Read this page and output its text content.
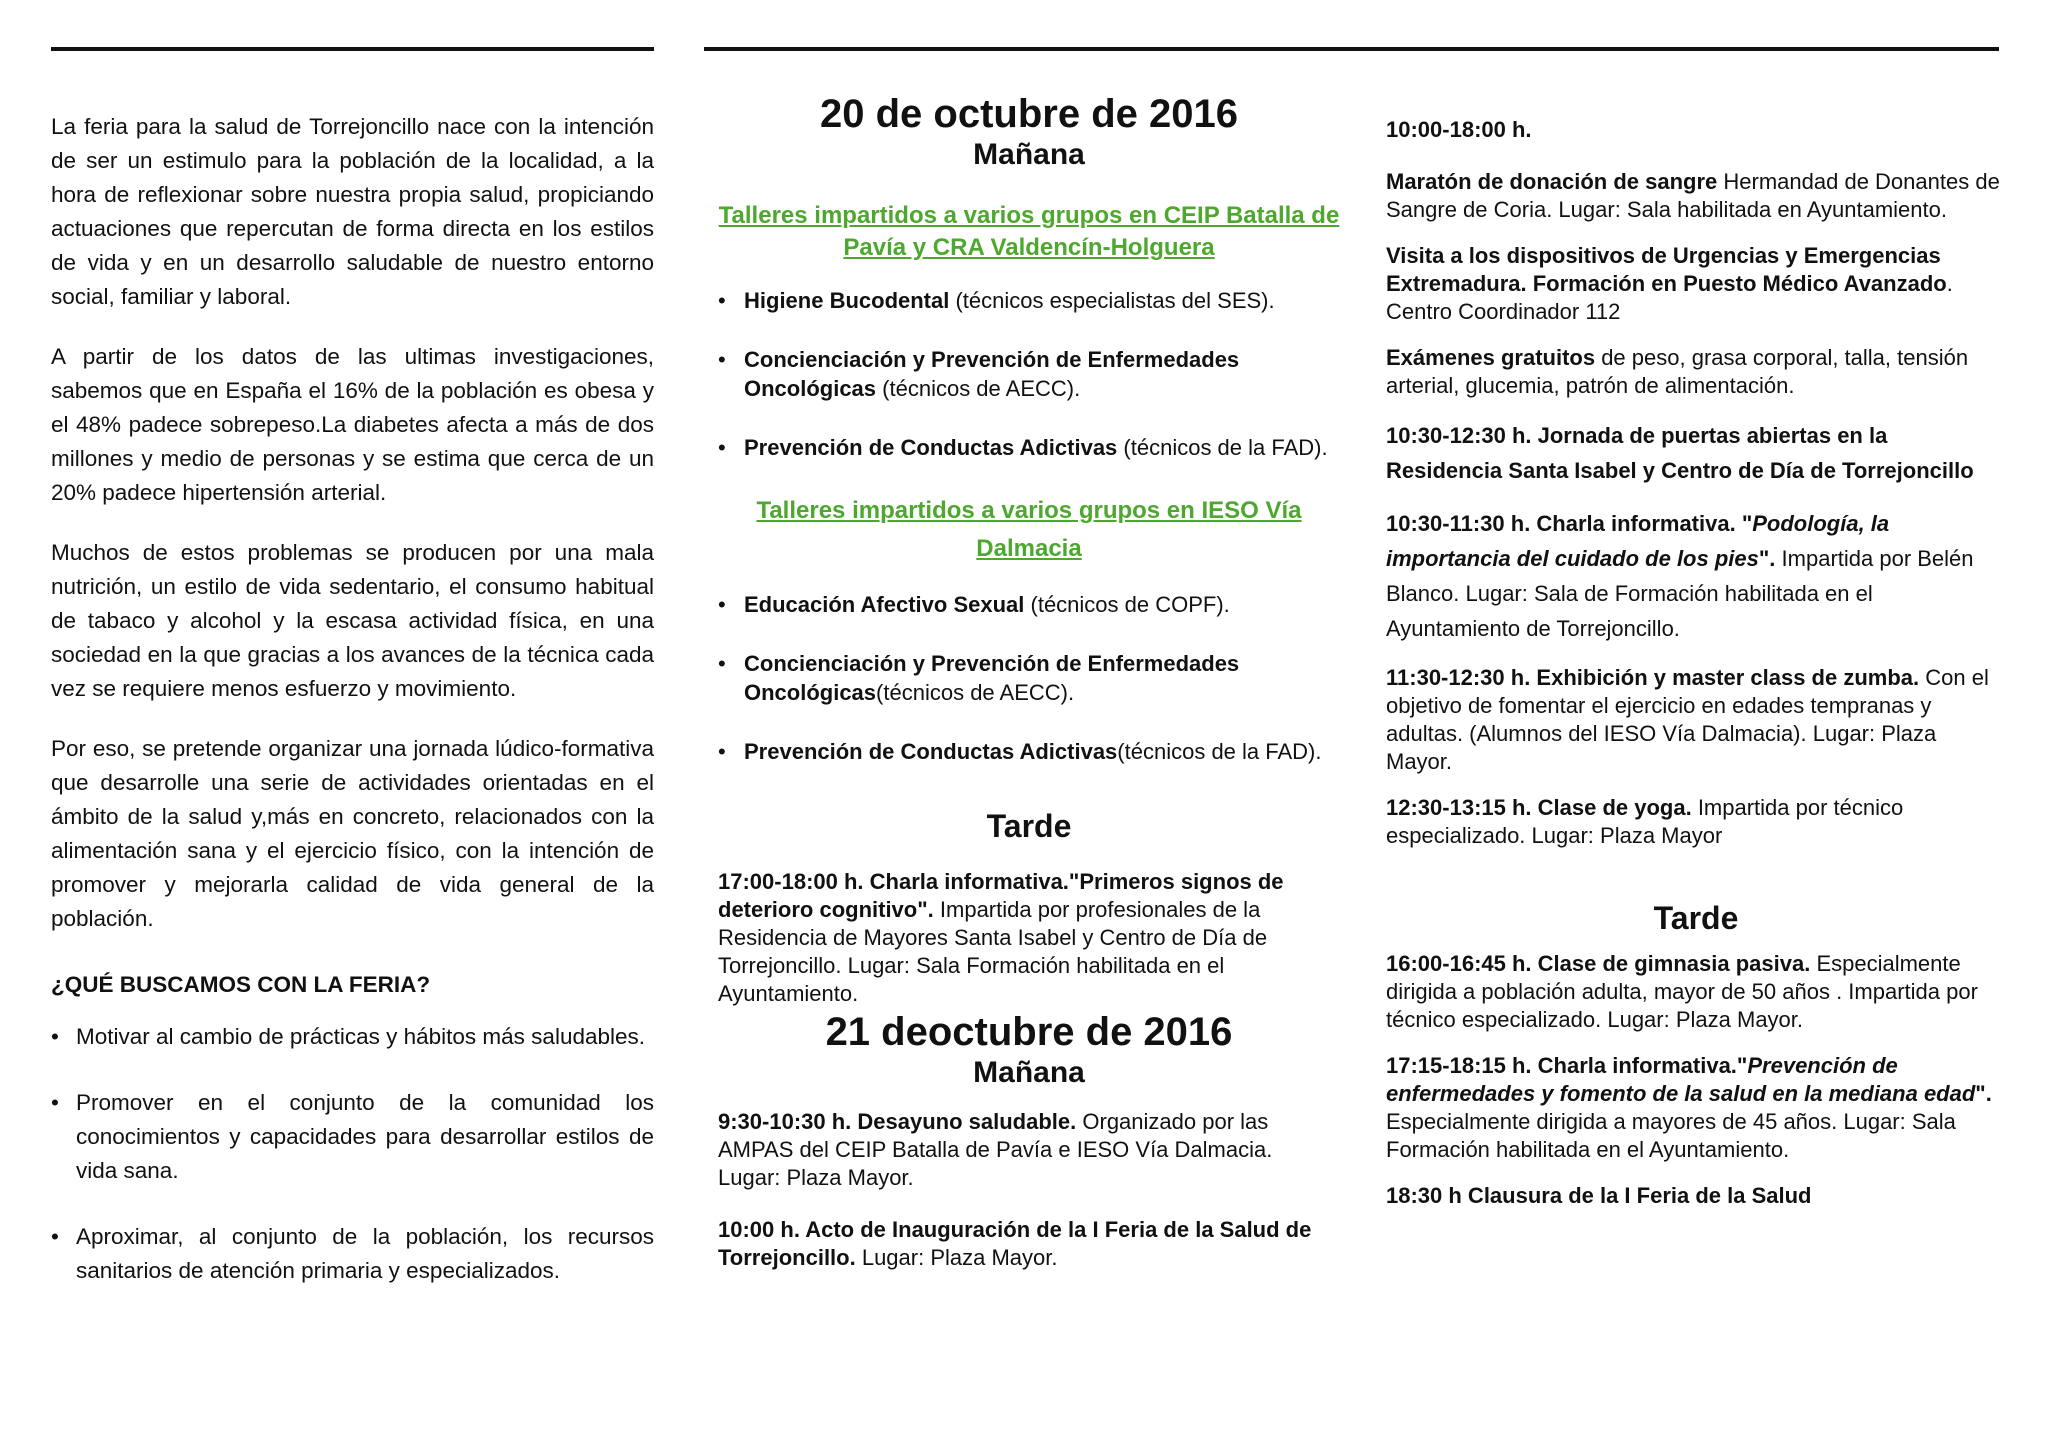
La feria para la salud de Torrejoncillo nace con la intención de ser un estimulo para la población de la localidad, a la hora de reflexionar sobre nuestra propia salud, propiciando actuaciones que repercutan de forma directa en los estilos de vida y en un desarrollo saludable de nuestro entorno social, familiar y laboral.

A partir de los datos de las ultimas investigaciones, sabemos que en España el 16% de la población es obesa y el 48% padece sobrepeso.La diabetes afecta a más de dos millones y medio de personas y se estima que cerca de un 20% padece hipertensión arterial.

Muchos de estos problemas se producen por una mala nutrición, un estilo de vida sedentario, el consumo habitual de tabaco y alcohol y la escasa actividad física, en una sociedad en la que gracias a los avances de la técnica cada vez se requiere menos esfuerzo y movimiento.

Por eso, se pretende organizar una jornada lúdico-formativa que desarrolle una serie de actividades orientadas en el ámbito de la salud y,más en concreto, relacionados con la alimentación sana y el ejercicio físico, con la intención de promover y mejorarla calidad de vida general de la población.

¿QUÉ BUSCAMOS CON LA FERIA?
• Motivar al cambio de prácticas y hábitos más saludables.
• Promover en el conjunto de la comunidad los conocimientos y capacidades para desarrollar estilos de vida sana.
• Aproximar, al conjunto de la población, los recursos sanitarios de atención primaria y especializados.
20 de octubre de 2016
Mañana
Talleres impartidos a varios grupos en CEIP Batalla de Pavía y CRA Valdencín-Holguera
• Higiene Bucodental (técnicos especialistas del SES).
• Concienciación y Prevención de Enfermedades Oncológicas (técnicos de AECC).
• Prevención de Conductas Adictivas (técnicos de la FAD).
Talleres impartidos a varios grupos en IESO Vía Dalmacia
• Educación Afectivo Sexual (técnicos de COPF).
• Concienciación y Prevención de Enfermedades Oncológicas(técnicos de AECC).
• Prevención de Conductas Adictivas(técnicos de la FAD).
Tarde
17:00-18:00 h. Charla informativa."Primeros signos de deterioro cognitivo". Impartida por profesionales de la Residencia de Mayores Santa Isabel y Centro de Día de Torrejoncillo. Lugar: Sala Formación habilitada en el Ayuntamiento.
21 deoctubre de 2016
Mañana
9:30-10:30 h. Desayuno saludable. Organizado por las AMPAS del CEIP Batalla de Pavía e IESO Vía Dalmacia. Lugar: Plaza Mayor.
10:00 h. Acto de Inauguración de la I Feria de la Salud de Torrejoncillo. Lugar: Plaza Mayor.
10:00-18:00 h.
Maratón de donación de sangre Hermandad de Donantes de Sangre de Coria. Lugar: Sala habilitada en Ayuntamiento.
Visita a los dispositivos de Urgencias y Emergencias Extremadura. Formación en Puesto Médico Avanzado. Centro Coordinador 112
Exámenes gratuitos de peso, grasa corporal, talla, tensión arterial, glucemia, patrón de alimentación.
10:30-12:30 h. Jornada de puertas abiertas en la Residencia Santa Isabel y Centro de Día de Torrejoncillo
10:30-11:30 h. Charla informativa. "Podología, la importancia del cuidado de los pies". Impartida por Belén Blanco. Lugar: Sala de Formación habilitada en el Ayuntamiento de Torrejoncillo.
11:30-12:30 h. Exhibición y master class de zumba. Con el objetivo de fomentar el ejercicio en edades tempranas y adultas. (Alumnos del IESO Vía Dalmacia). Lugar: Plaza Mayor.
12:30-13:15 h. Clase de yoga. Impartida por técnico especializado. Lugar: Plaza Mayor
Tarde
16:00-16:45 h. Clase de gimnasia pasiva. Especialmente dirigida a población adulta, mayor de 50 años . Impartida por técnico especializado. Lugar: Plaza Mayor.
17:15-18:15 h. Charla informativa."Prevención de enfermedades y fomento de la salud en la mediana edad". Especialmente dirigida a mayores de 45 años. Lugar: Sala Formación habilitada en el Ayuntamiento.
18:30 h Clausura de la I Feria de la Salud
